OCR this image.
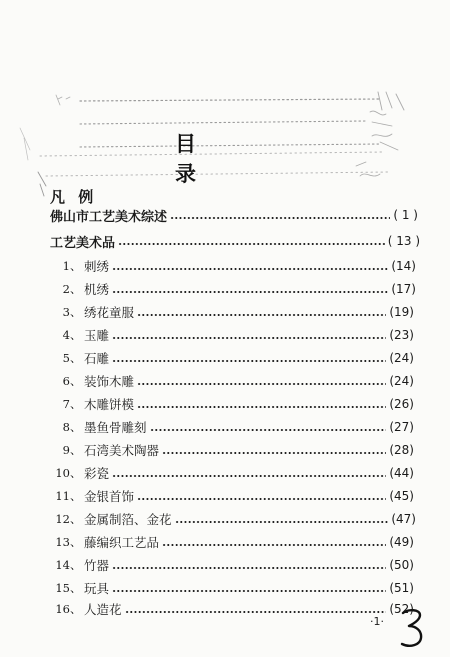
目 录
凡 例
佛山市工艺美术综述	( 1 )
工艺美术品	( 13 )
1 、 刺绣	(14)
2 、 机绣	(17)
3 、 绣花童服	(19)
4 、 玉雕	(23)
5 、 石雕	(24)
6 、 装饰木雕	(24)
7 、 木雕饼模	(26)
8 、 墨鱼骨雕刻	(27)
9 、 石湾美术陶器	(28)
10 、 彩瓷	(44)
11 、 金银首饰	(45)
12 、 金属制箔、金花	(47)
13 、 藤编织工艺品	(49)
14 、 竹器	(50)
15 、 玩具	(51)
16 、 人造花	(52)
·1·
